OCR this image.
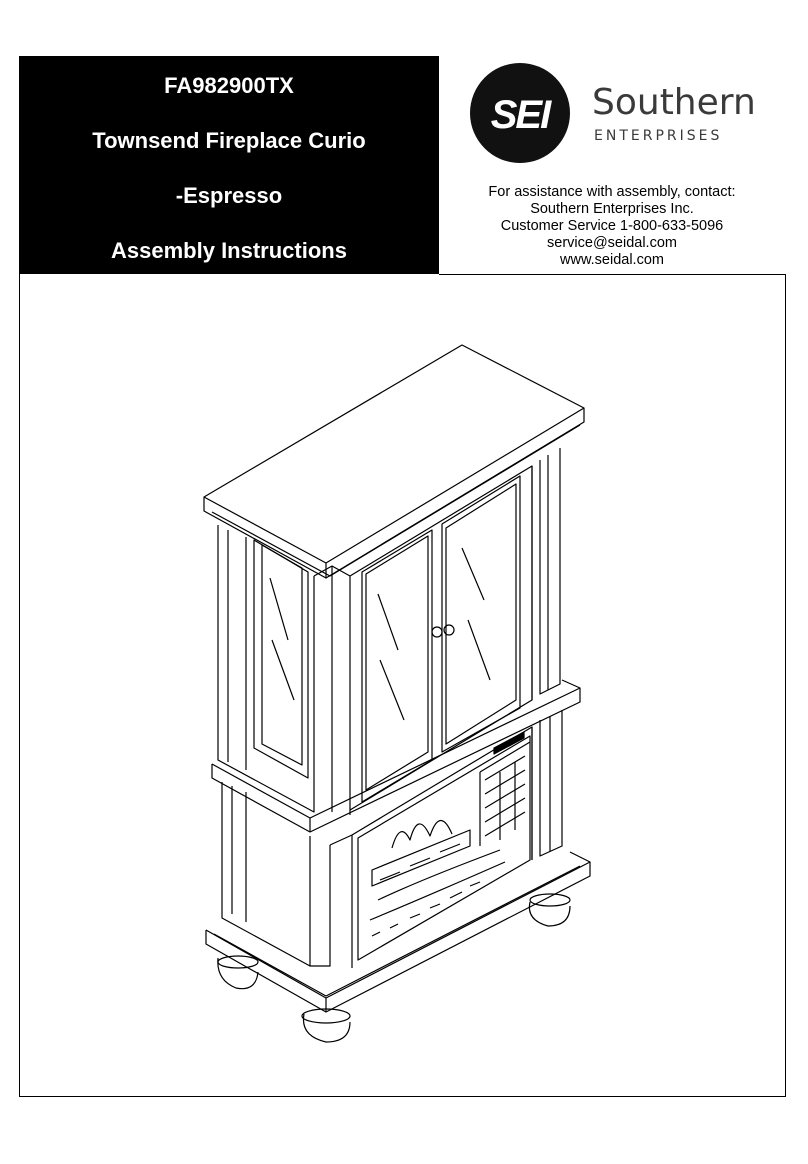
FA982900TX
Townsend Fireplace Curio
-Espresso
Assembly Instructions
SEI	Southern
ENTERPRISES
For assistance with assembly, contact:
Southern Enterprises Inc.
Customer Service 1-800-633-5096
service@seidal.com
www.seidal.com
